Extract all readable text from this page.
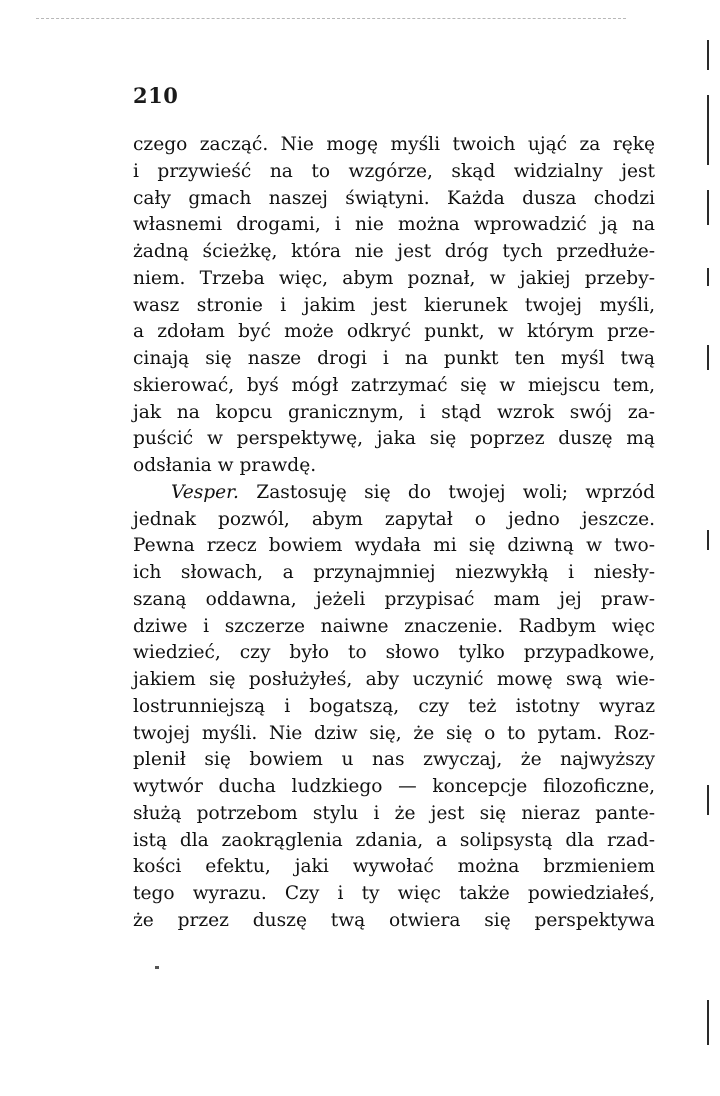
210
czego zacząć. Nie mogę myśli twoich ująć za rękę
i przywieść na to wzgórze, skąd widzialny jest
cały gmach naszej świątyni. Każda dusza chodzi
własnemi drogami, i nie można wprowadzić ją na
żadną ścieżkę, która nie jest dróg tych przedłuże-
niem. Trzeba więc, abym poznał, w jakiej przeby-
wasz stronie i jakim jest kierunek twojej myśli,
a zdołam być może odkryć punkt, w którym prze-
cinają się nasze drogi i na punkt ten myśl twą
skierować, byś mógł zatrzymać się w miejscu tem,
jak na kopcu granicznym, i stąd wzrok swój za-
puścić w perspektywę, jaka się poprzez duszę mą
odsłania w prawdę.
Vesper. Zastosuję się do twojej woli; wprzód
jednak pozwól, abym zapytał o jedno jeszcze.
Pewna rzecz bowiem wydała mi się dziwną w two-
ich słowach, a przynajmniej niezwykłą i niesły-
szaną oddawna, jeżeli przypisać mam jej praw-
dziwe i szczerze naiwne znaczenie. Radbym więc
wiedzieć, czy było to słowo tylko przypadkowe,
jakiem się posłużyłeś, aby uczynić mowę swą wie-
lostrunniejszą i bogatszą, czy też istotny wyraz
twojej myśli. Nie dziw się, że się o to pytam. Roz-
plenił się bowiem u nas zwyczaj, że najwyższy
wytwór ducha ludzkiego — koncepcje filozoficzne,
służą potrzebom stylu i że jest się nieraz pante-
istą dla zaokrąglenia zdania, a solipsystą dla rzad-
kości efektu, jaki wywołać można brzmieniem
tego wyrazu. Czy i ty więc także powiedziałeś,
że przez duszę twą otwiera się perspektywa
